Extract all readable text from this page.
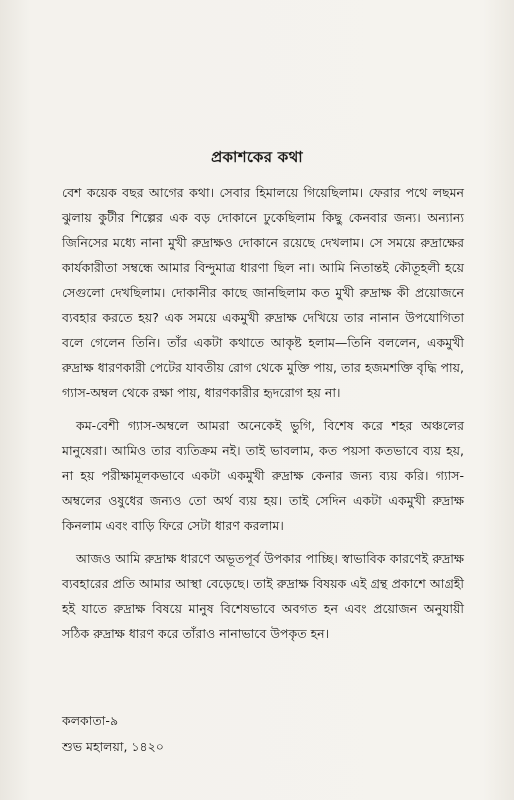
প্রকাশকের কথা

বেশ কয়েক বছর আগের কথা। সেবার হিমালয়ে গিয়েছিলাম। ফেরার পথে লছমন ঝুলায় কুটীর শিল্পের এক বড় দোকানে ঢুকেছিলাম কিছু কেনবার জন্য। অন্যান্য জিনিসের মধ্যে নানা মুখী রুদ্রাক্ষও দোকানে রয়েছে দেখলাম। সে সময়ে রুদ্রাক্ষের কার্যকারীতা সম্বন্ধে আমার বিন্দুমাত্র ধারণা ছিল না। আমি নিতান্তই কৌতূহলী হয়ে সেগুলো দেখছিলাম। দোকানীর কাছে জানছিলাম কত মুখী রুদ্রাক্ষ কী প্রয়োজনে ব্যবহার করতে হয়? এক সময়ে একমুখী রুদ্রাক্ষ দেখিয়ে তার নানান উপযোগিতা বলে গেলেন তিনি। তাঁর একটা কথাতে আকৃষ্ট হলাম—তিনি বললেন, একমুখী রুদ্রাক্ষ ধারণকারী পেটের যাবতীয় রোগ থেকে মুক্তি পায়, তার হজমশক্তি বৃদ্ধি পায়, গ্যাস-অম্বল থেকে রক্ষা পায়, ধারণকারীর হৃদরোগ হয় না।

কম-বেশী গ্যাস-অম্বলে আমরা অনেকেই ভুগি, বিশেষ করে শহর অঞ্চলের মানুষেরা। আমিও তার ব্যতিক্রম নই। তাই ভাবলাম, কত পয়সা কতভাবে ব্যয় হয়, না হয় পরীক্ষামূলকভাবে একটা একমুখী রুদ্রাক্ষ কেনার জন্য ব্যয় করি। গ্যাস-অম্বলের ওষুধের জন্যও তো অর্থ ব্যয় হয়। তাই সেদিন একটা একমুখী রুদ্রাক্ষ কিনলাম এবং বাড়ি ফিরে সেটা ধারণ করলাম।

আজও আমি রুদ্রাক্ষ ধারণে অভূতপূর্ব উপকার পাচ্ছি। স্বাভাবিক কারণেই রুদ্রাক্ষ ব্যবহারের প্রতি আমার আস্থা বেড়েছে। তাই রুদ্রাক্ষ বিষয়ক এই গ্রন্থ প্রকাশে আগ্রহী হই যাতে রুদ্রাক্ষ বিষয়ে মানুষ বিশেষভাবে অবগত হন এবং প্রয়োজন অনুযায়ী সঠিক রুদ্রাক্ষ ধারণ করে তাঁরাও নানাভাবে উপকৃত হন।

কলকাতা-৯
শুভ মহালয়া, ১৪২০
